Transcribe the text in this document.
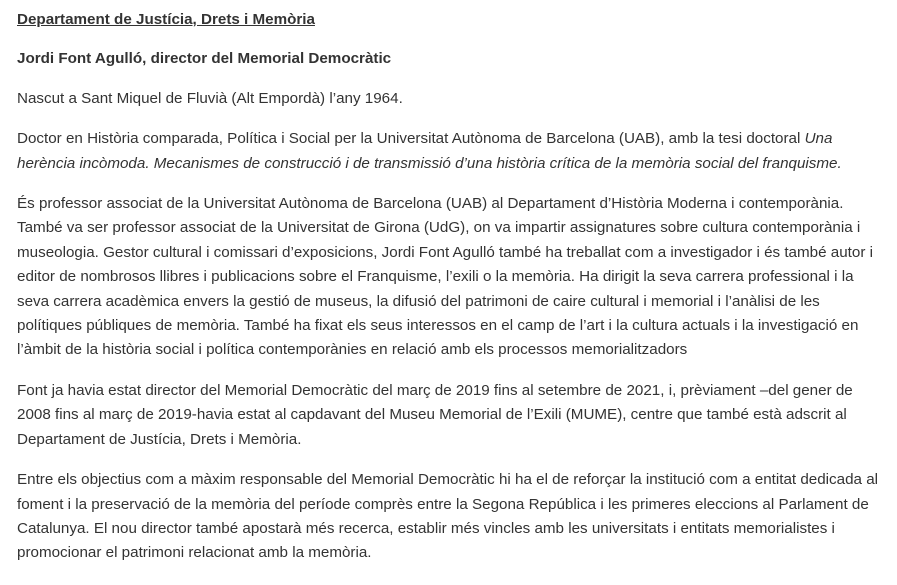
Departament de Justícia, Drets i Memòria

Jordi Font Agulló, director del Memorial Democràtic

Nascut a Sant Miquel de Fluvià (Alt Empordà) l’any 1964.

Doctor en Història comparada, Política i Social per la Universitat Autònoma de Barcelona (UAB), amb la tesi doctoral Una herència incòmoda. Mecanismes de construcció i de transmissió d’una història crítica de la memòria social del franquisme.

És professor associat de la Universitat Autònoma de Barcelona (UAB) al Departament d’Història Moderna i contemporània. També va ser professor associat de la Universitat de Girona (UdG), on va impartir assignatures sobre cultura contemporània i museologia. Gestor cultural i comissari d’exposicions, Jordi Font Agulló també ha treballat com a investigador i és també autor i editor de nombrosos llibres i publicacions sobre el Franquisme, l’exili o la memòria. Ha dirigit la seva carrera professional i la seva carrera acadèmica envers la gestió de museus, la difusió del patrimoni de caire cultural i memorial i l’anàlisi de les polítiques públiques de memòria. També ha fixat els seus interessos en el camp de l’art i la cultura actuals i la investigació en l’àmbit de la història social i política contemporànies en relació amb els processos memorialitzadors

Font ja havia estat director del Memorial Democràtic del març de 2019 fins al setembre de 2021, i, prèviament –del gener de 2008 fins al març de 2019-havia estat al capdavant del Museu Memorial de l’Exili (MUME), centre que també està adscrit al Departament de Justícia, Drets i Memòria.

Entre els objectius com a màxim responsable del Memorial Democràtic hi ha el de reforçar la institució com a entitat dedicada al foment i la preservació de la memòria del període comprès entre la Segona República i les primeres eleccions al Parlament de Catalunya. El nou director també apostarà més recerca, establir més vincles amb les universitats i entitats memorialistes i promocionar el patrimoni relacionat amb la memòria.
